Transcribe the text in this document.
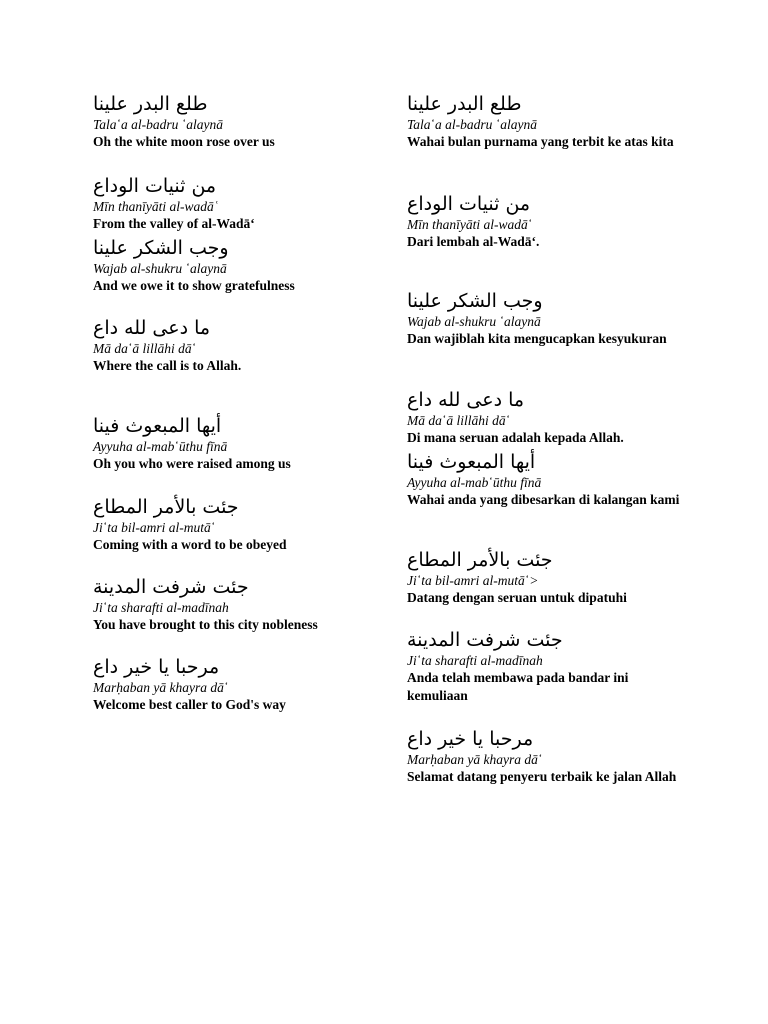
طلع البدر علينا
Tala῾a al-badru ῾alaynā
Oh the white moon rose over us
من ثنيات الوداع
Mīn thanīyāti al-wadāʿ
From the valley of al-Wadā‘
وجب الشكر علينا
Wajab al-shukru ῾alaynā
And we owe it to show gratefulness
ما دعى لله داع
Mā da῾ā lillāhi dā῾
Where the call is to Allah.
أيها المبعوث فينا
Ayyuha al-mab῾ūthu fīnā
Oh you who were raised among us
جئت بالأمر المطاع
Ji῾ta bil-amri al-mutā῾
Coming with a word to be obeyed
جئت شرفت المدينة
Ji῾ta sharafti al-madīnah
You have brought to this city nobleness
مرحبا يا خير داع
Marḥaban yā khayra dā῾
Welcome best caller to God's way
طلع البدر علينا
Tala῾a al-badru ῾alaynā
Wahai bulan purnama yang terbit ke atas kita
من ثنيات الوداع
Mīn thanīyāti al-wadā῾
Dari lembah al-Wadā‘.
وجب الشكر علينا
Wajab al-shukru ῾alaynā
Dan wajiblah kita mengucapkan kesyukuran
ما دعى لله داع
Mā da῾ā lillāhi dā῾
Di mana seruan adalah kepada Allah.
أيها المبعوث فينا
Ayyuha al-mab῾ūthu fīnā
Wahai anda yang dibesarkan di kalangan kami
جئت بالأمر المطاع
Ji῾ta bil-amri al-mutā῾>
Datang dengan seruan untuk dipatuhi
جئت شرفت المدينة
Ji῾ta sharafti al-madīnah
Anda telah membawa pada bandar ini kemuliaan
مرحبا يا خير داع
Marḥaban yā khayra dā῾
Selamat datang penyeru terbaik ke jalan Allah
